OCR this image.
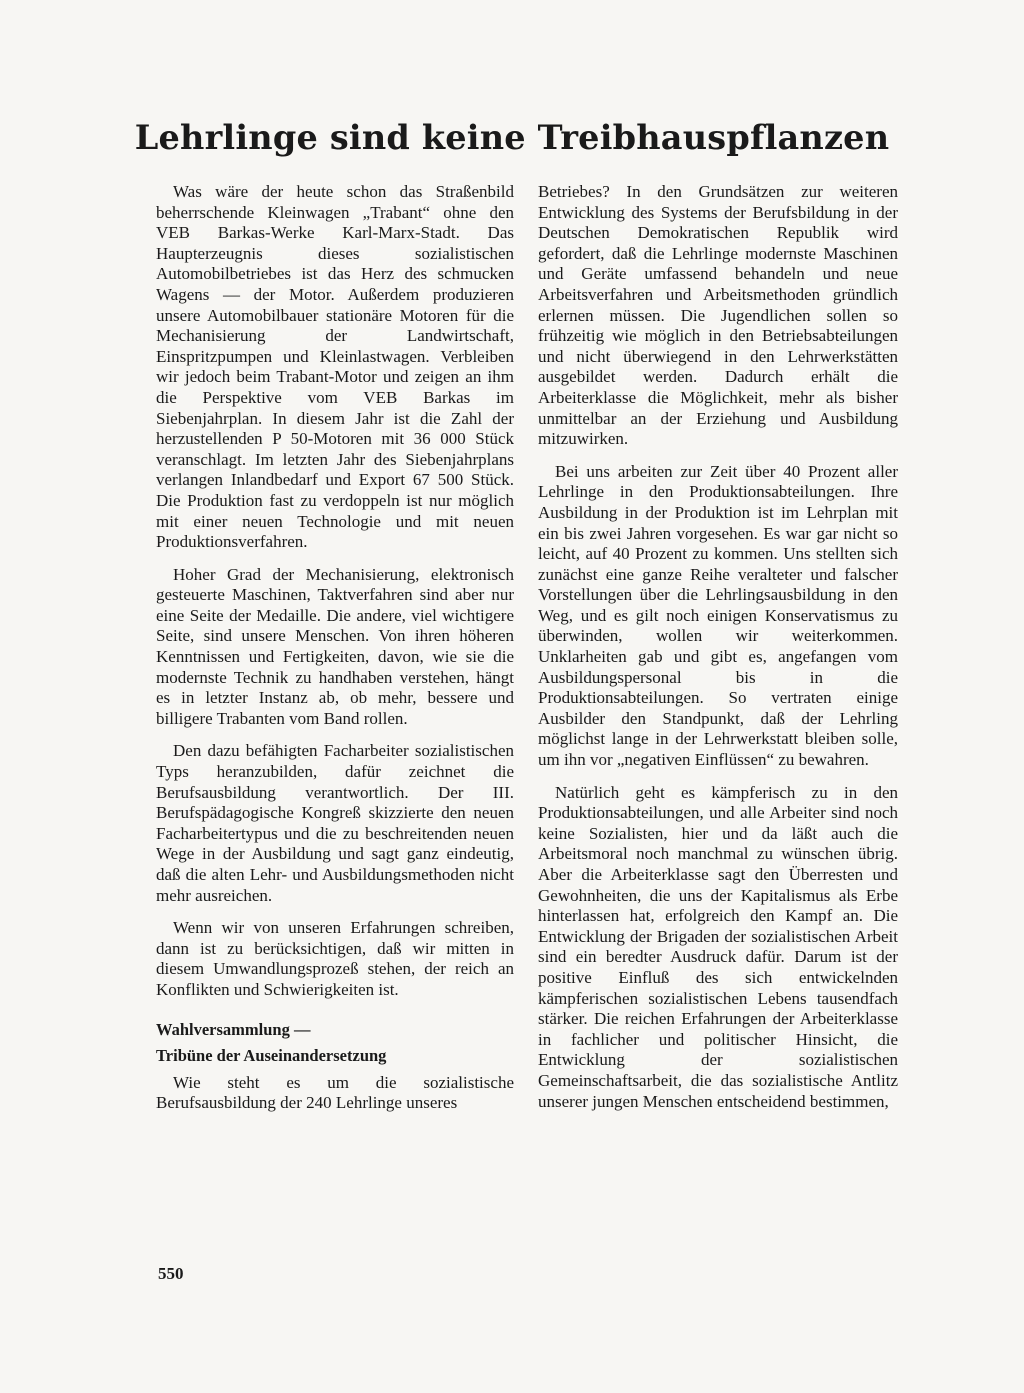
Lehrlinge sind keine Treibhauspflanzen

Was wäre der heute schon das Straßenbild beherrschende Kleinwagen „Trabant“ ohne den VEB Barkas-Werke Karl-Marx-Stadt. Das Haupterzeugnis dieses sozialistischen Automobilbetriebes ist das Herz des schmucken Wagens — der Motor. Außerdem produzieren unsere Automobilbauer stationäre Motoren für die Mechanisierung der Landwirtschaft, Einspritzpumpen und Kleinlastwagen. Verbleiben wir jedoch beim Trabant-Motor und zeigen an ihm die Perspektive vom VEB Barkas im Siebenjahrplan. In diesem Jahr ist die Zahl der herzustellenden P 50-Motoren mit 36 000 Stück veranschlagt. Im letzten Jahr des Siebenjahrplans verlangen Inlandbedarf und Export 67 500 Stück. Die Produktion fast zu verdoppeln ist nur möglich mit einer neuen Technologie und mit neuen Produktionsverfahren.

Hoher Grad der Mechanisierung, elektronisch gesteuerte Maschinen, Taktverfahren sind aber nur eine Seite der Medaille. Die andere, viel wichtigere Seite, sind unsere Menschen. Von ihren höheren Kenntnissen und Fertigkeiten, davon, wie sie die modernste Technik zu handhaben verstehen, hängt es in letzter Instanz ab, ob mehr, bessere und billigere Trabanten vom Band rollen.

Den dazu befähigten Facharbeiter sozialistischen Typs heranzubilden, dafür zeichnet die Berufsausbildung verantwortlich. Der III. Berufspädagogische Kongreß skizzierte den neuen Facharbeitertypus und die zu beschreitenden neuen Wege in der Ausbildung und sagt ganz eindeutig, daß die alten Lehr- und Ausbildungsmethoden nicht mehr ausreichen.

Wenn wir von unseren Erfahrungen schreiben, dann ist zu berücksichtigen, daß wir mitten in diesem Umwandlungsprozeß stehen, der reich an Konflikten und Schwierigkeiten ist.

Wahlversammlung —
Tribüne der Auseinandersetzung

Wie steht es um die sozialistische Berufsausbildung der 240 Lehrlinge unseres

Betriebes? In den Grundsätzen zur weiteren Entwicklung des Systems der Berufsbildung in der Deutschen Demokratischen Republik wird gefordert, daß die Lehrlinge modernste Maschinen und Geräte umfassend behandeln und neue Arbeitsverfahren und Arbeitsmethoden gründlich erlernen müssen. Die Jugendlichen sollen so frühzeitig wie möglich in den Betriebsabteilungen und nicht überwiegend in den Lehrwerkstätten ausgebildet werden. Dadurch erhält die Arbeiterklasse die Möglichkeit, mehr als bisher unmittelbar an der Erziehung und Ausbildung mitzuwirken.

Bei uns arbeiten zur Zeit über 40 Prozent aller Lehrlinge in den Produktionsabteilungen. Ihre Ausbildung in der Produktion ist im Lehrplan mit ein bis zwei Jahren vorgesehen. Es war gar nicht so leicht, auf 40 Prozent zu kommen. Uns stellten sich zunächst eine ganze Reihe veralteter und falscher Vorstellungen über die Lehrlingsausbildung in den Weg, und es gilt noch einigen Konservatismus zu überwinden, wollen wir weiterkommen. Unklarheiten gab und gibt es, angefangen vom Ausbildungspersonal bis in die Produktionsabteilungen. So vertraten einige Ausbilder den Standpunkt, daß der Lehrling möglichst lange in der Lehrwerkstatt bleiben solle, um ihn vor „negativen Einflüssen“ zu bewahren.

Natürlich geht es kämpferisch zu in den Produktionsabteilungen, und alle Arbeiter sind noch keine Sozialisten, hier und da läßt auch die Arbeitsmoral noch manchmal zu wünschen übrig. Aber die Arbeiterklasse sagt den Überresten und Gewohnheiten, die uns der Kapitalismus als Erbe hinterlassen hat, erfolgreich den Kampf an. Die Entwicklung der Brigaden der sozialistischen Arbeit sind ein beredter Ausdruck dafür. Darum ist der positive Einfluß des sich entwickelnden kämpferischen sozialistischen Lebens tausendfach stärker. Die reichen Erfahrungen der Arbeiterklasse in fachlicher und politischer Hinsicht, die Entwicklung der sozialistischen Gemeinschaftsarbeit, die das sozialistische Antlitz unserer jungen Menschen entscheidend bestimmen,

550
